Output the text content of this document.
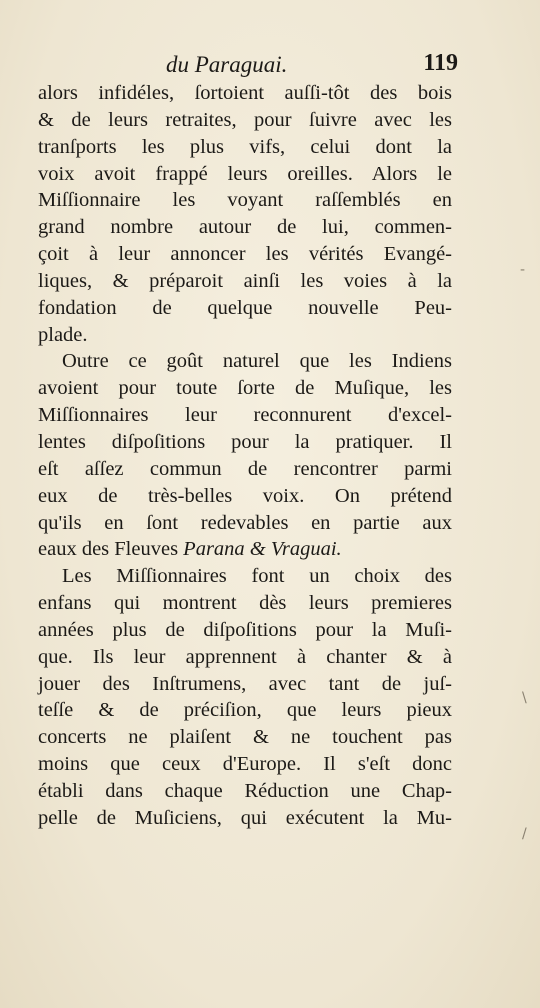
du Paraguai.	119
alors infidéles, ſortoient auſſi-tôt des bois
& de leurs retraites, pour ſuivre avec les
tranſports les plus vifs, celui dont la
voix avoit frappé leurs oreilles. Alors le
Miſſionnaire les voyant raſſemblés en
grand nombre autour de lui, commen-
çoit à leur annoncer les vérités Evangé-
liques, & préparoit ainſi les voies à la
fondation de quelque nouvelle Peu-
plade.
Outre ce goût naturel que les Indiens
avoient pour toute ſorte de Muſique, les
Miſſionnaires leur reconnurent d'excel-
lentes diſpoſitions pour la pratiquer. Il
eſt aſſez commun de rencontrer parmi
eux de très-belles voix. On prétend
qu'ils en ſont redevables en partie aux
eaux des Fleuves Parana & Vraguai.
Les Miſſionnaires font un choix des
enfans qui montrent dès leurs premieres
années plus de diſpoſitions pour la Muſi-
que. Ils leur apprennent à chanter & à
jouer des Inſtrumens, avec tant de juſ-
teſſe & de préciſion, que leurs pieux
concerts ne plaiſent & ne touchent pas
moins que ceux d'Europe. Il s'eſt donc
établi dans chaque Réduction une Chap-
pelle de Muſiciens, qui exécutent la Mu-
-
\
/
